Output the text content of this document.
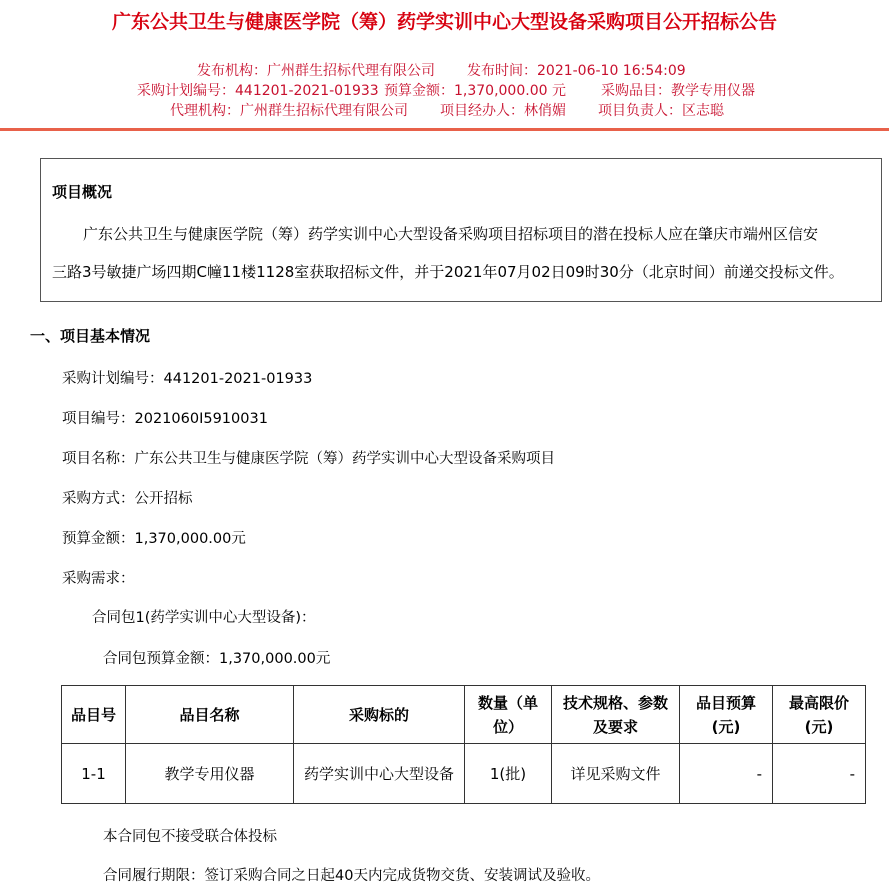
广东公共卫生与健康医学院（筹）药学实训中心大型设备采购项目公开招标公告
发布机构：广州群生招标代理有限公司 发布时间：2021-06-10 16:54:09
采购计划编号：441201-2021-01933 预算金额：1,370,000.00 元	采购品目：教学专用仪器
代理机构：广州群生招标代理有限公司 项目经办人：林俏媚 项目负责人：区志聪
项目概况
广东公共卫生与健康医学院（筹）药学实训中心大型设备采购项目招标项目的潜在投标人应在肇庆市端州区信安
三路3号敏捷广场四期C幢11楼1128室获取招标文件，并于2021年07月02日09时30分（北京时间）前递交投标文件。
一、项目基本情况
采购计划编号：441201-2021-01933
项目编号：2021060I5910031
项目名称：广东公共卫生与健康医学院（筹）药学实训中心大型设备采购项目
采购方式：公开招标
预算金额：1,370,000.00元
采购需求：
合同包1(药学实训中心大型设备)：
合同包预算金额：1,370,000.00元
品目号	品目名称	采购标的	数量（单位）	技术规格、参数及要求	品目预算(元)	最高限价(元)
1-1	教学专用仪器	药学实训中心大型设备	1(批)	详见采购文件	-	-
本合同包不接受联合体投标
合同履行期限：签订采购合同之日起40天内完成货物交货、安装调试及验收。
